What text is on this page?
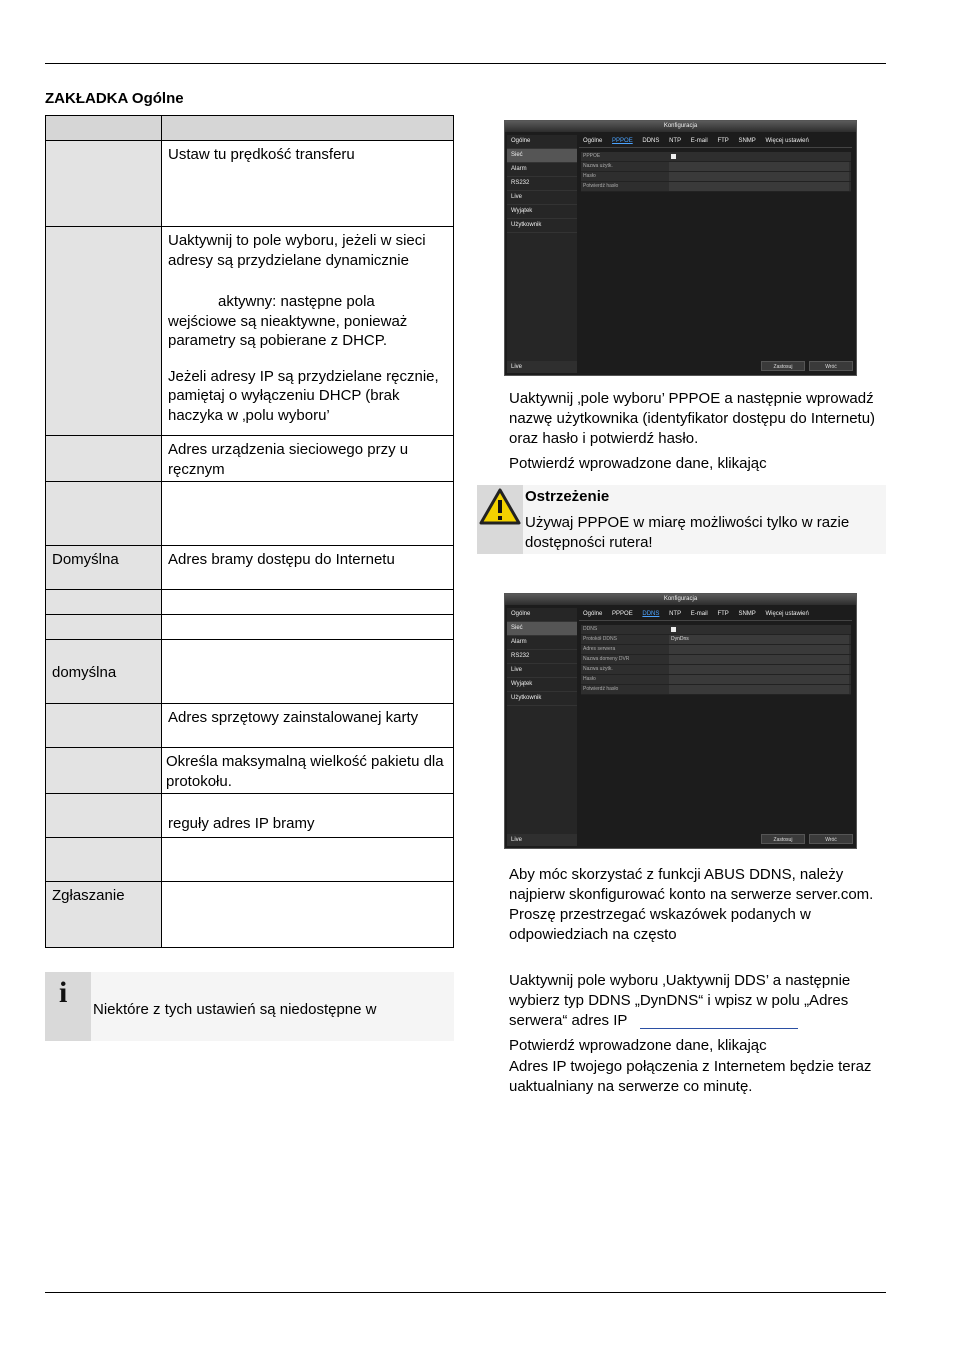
ZAKŁADKA Ogólne

	Ustaw tu prędkość transferu

	Uaktywnij to pole wyboru, jeżeli w sieci adresy są przydzielane dynamicznie
aktywny: następne pola wejściowe są nieaktywne, ponieważ parametry są pobierane z DHCP.
Jeżeli adresy IP są przydzielane ręcznie, pamiętaj o wyłączeniu DHCP (brak haczyka w ‚polu wyboru’

	Adres urządzenia sieciowego przy u ręcznym

Domyślna	Adres bramy dostępu do Internetu

domyślna	
	Adres sprzętowy zainstalowanej karty
	Określa maksymalną wielkość pakietu dla protokołu.
	reguły adres IP bramy

Zgłaszanie	
i
Niektóre z tych ustawień są niedostępne w
Konfiguracja
Ogólne
Sieć
Alarm
RS232
Live
Wyjątek
Użytkownik
Live
Ogólne PPPOE DDNS NTP E-mail FTP SNMP Więcej ustawień
PPPOE
Nazwa użytk.
Hasło
Potwierdź hasło
Zastosuj	Wróć
Uaktywnij ‚pole wyboru’ PPPOE a następnie wprowadź nazwę użytkownika (identyfikator dostępu do Internetu) oraz hasło i potwierdź hasło.
Potwierdź wprowadzone dane, klikając
Ostrzeżenie
Używaj PPPOE w miarę możliwości tylko w razie dostępności rutera!
Konfiguracja
Ogólne
Sieć
Alarm
RS232
Live
Wyjątek
Użytkownik
Live
Ogólne PPPOE DDNS NTP E-mail FTP SNMP Więcej ustawień
DDNS
Protokół DDNS	DynDns
Adres serwera
Nazwa domeny DVR
Nazwa użytk.
Hasło
Potwierdź hasło
Zastosuj	Wróć
Aby móc skorzystać z funkcji ABUS DDNS, należy najpierw skonfigurować konto na serwerze server.com. Proszę przestrzegać wskazówek podanych w odpowiedziach na często
Uaktywnij pole wyboru ‚Uaktywnij DDS’ a następnie wybierz typ DDNS „DynDNS“ i wpisz w polu „Adres serwera“ adres IP
Potwierdź wprowadzone dane, klikając
Adres IP twojego połączenia z Internetem będzie teraz uaktualniany na serwerze co minutę.
